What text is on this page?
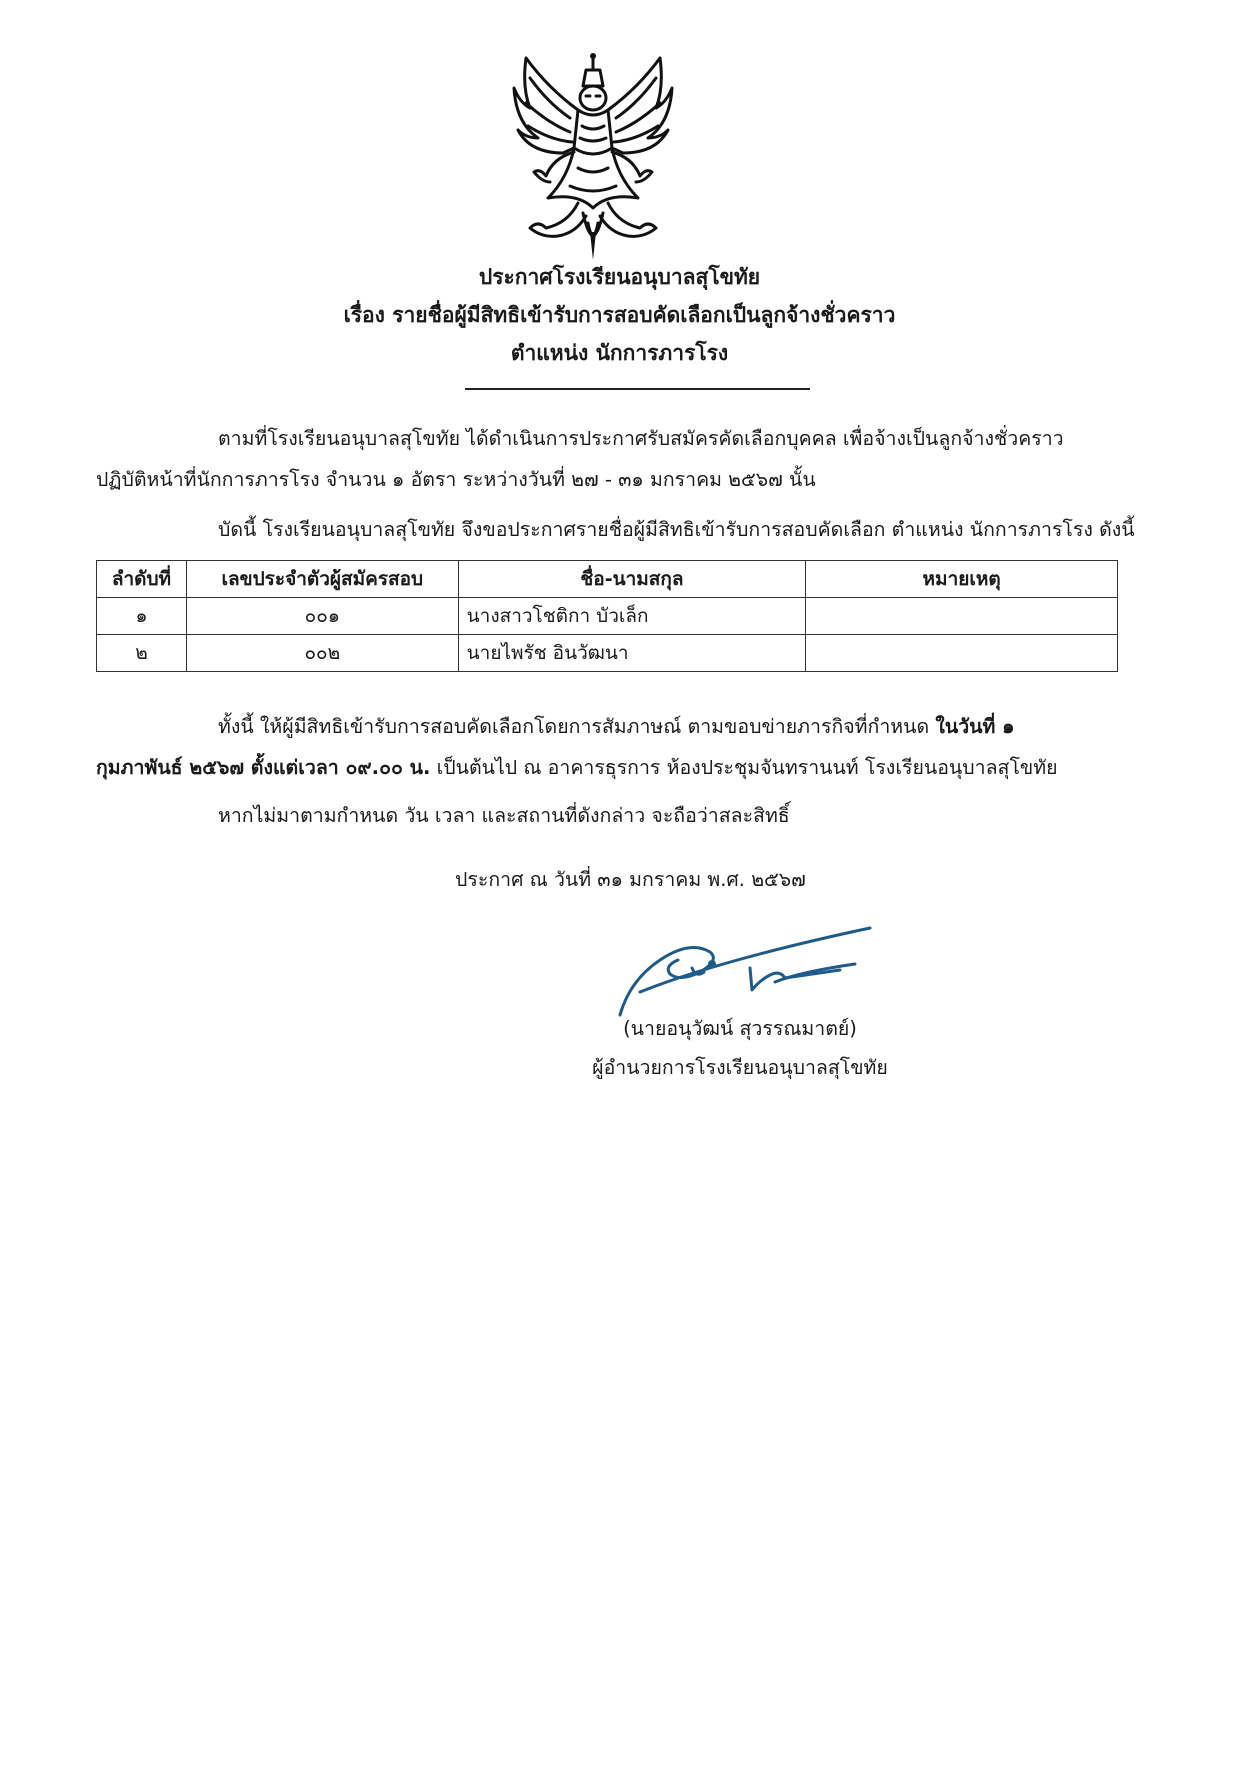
ประกาศโรงเรียนอนุบาลสุโขทัย
เรื่อง รายชื่อผู้มีสิทธิเข้ารับการสอบคัดเลือกเป็นลูกจ้างชั่วคราว
ตำแหน่ง นักการภารโรง
ตามที่โรงเรียนอนุบาลสุโขทัย ได้ดำเนินการประกาศรับสมัครคัดเลือกบุคคล เพื่อจ้างเป็นลูกจ้างชั่วคราว
ปฏิบัติหน้าที่นักการภารโรง จำนวน ๑ อัตรา ระหว่างวันที่ ๒๗ - ๓๑ มกราคม ๒๕๖๗ นั้น
บัดนี้ โรงเรียนอนุบาลสุโขทัย จึงขอประกาศรายชื่อผู้มีสิทธิเข้ารับการสอบคัดเลือก ตำแหน่ง นักการภารโรง ดังนี้
ลำดับที่	เลขประจำตัวผู้สมัครสอบ	ชื่อ-นามสกุล	หมายเหตุ
๑	๐๐๑	นางสาวโชติกา บัวเล็ก	
๒	๐๐๒	นายไพรัช อินวัฒนา	
ทั้งนี้ ให้ผู้มีสิทธิเข้ารับการสอบคัดเลือกโดยการสัมภาษณ์ ตามขอบข่ายภารกิจที่กำหนด ในวันที่ ๑
กุมภาพันธ์ ๒๕๖๗ ตั้งแต่เวลา ๐๙.๐๐ น. เป็นต้นไป ณ อาคารธุรการ ห้องประชุมจันทรานนท์ โรงเรียนอนุบาลสุโขทัย
หากไม่มาตามกำหนด วัน เวลา และสถานที่ดังกล่าว จะถือว่าสละสิทธิ์
ประกาศ ณ วันที่ ๓๑ มกราคม พ.ศ. ๒๕๖๗
(นายอนุวัฒน์ สุวรรณมาตย์)
ผู้อำนวยการโรงเรียนอนุบาลสุโขทัย
